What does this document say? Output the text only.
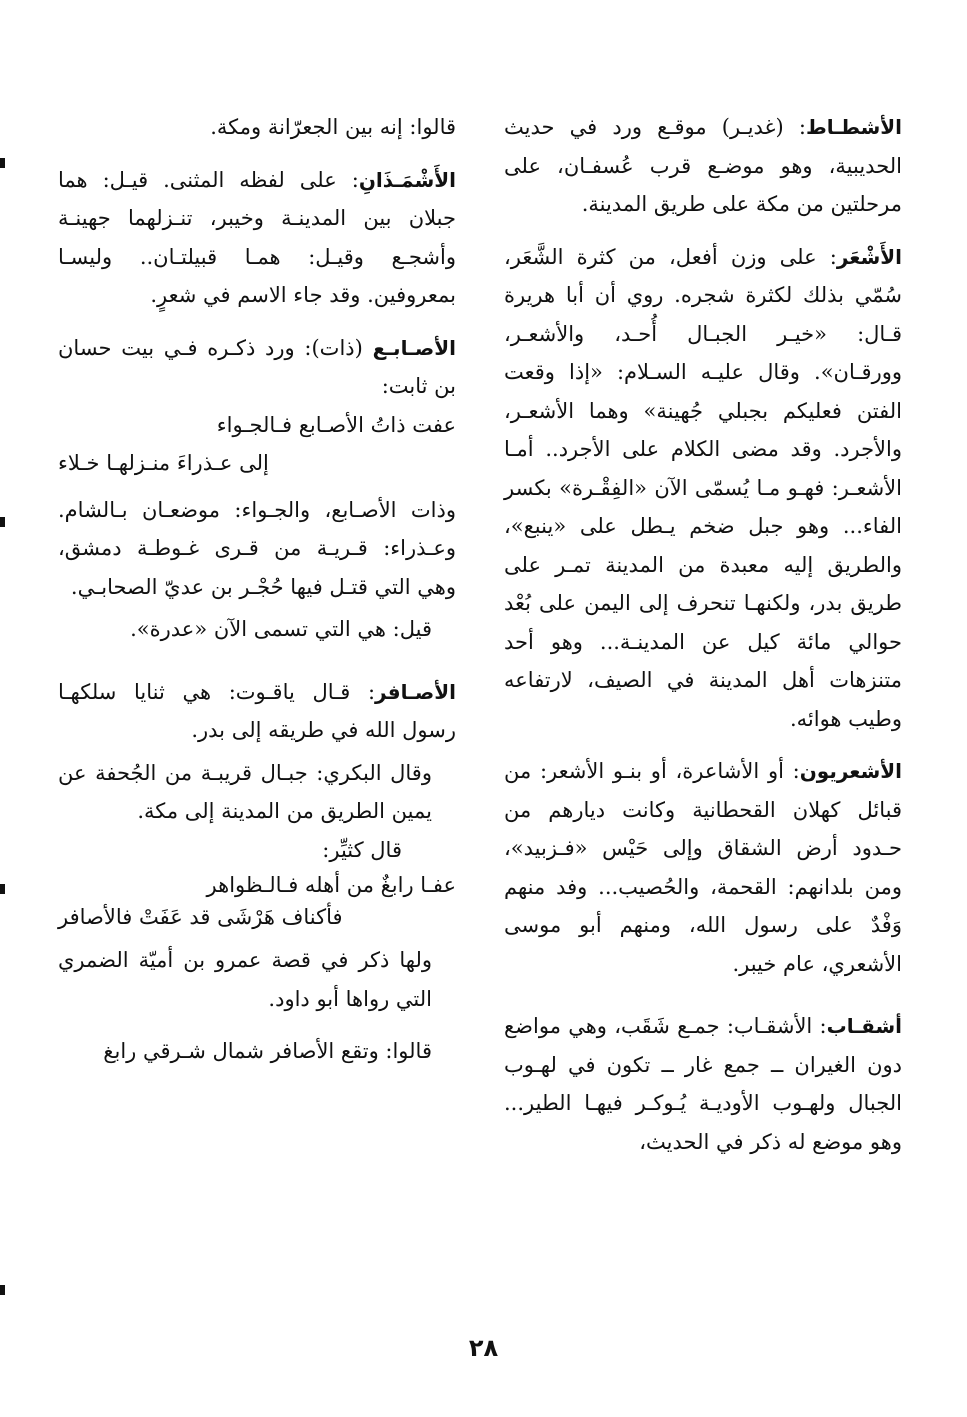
الأشطـاط: (غديـر) موقـع ورد في حديث الحديبية، وهو موضـع قرب عُسفـان، على مرحلتين من مكة على طريق المدينة.

الأَشْعَر: على وزن أفعل، من كثرة الشَّعَر، سُمّي بذلك لكثرة شجره. روي أن أبا هريرة قـال: «خيـر الجبـال أُحـد، والأشعـر، وورقـان». وقال عليـه السـلام: «إذا وقعت الفتن فعليكم بجبلي جُهينة» وهما الأشعـر، والأجرد. وقد مضى الكلام على الأجرد.. أمـا الأشعـر: فهـو مـا يُسمّى الآن «الفِقْـرة» بكسر الفاء... وهو جبل ضخم يـطل على «ينبع»، والطريق إليه معبدة من المدينة تمـر على طريق بدر، ولكنهـا تنحرف إلى اليمن على بُعْد حوالي مائة كيل عن المدينـة... وهو أحد متنزهات أهل المدينة في الصيف، لارتفاعه وطيب هوائه.

الأشعريون: أو الأشاعرة، أو بنـو الأشعر: من قبائل كهلان القحطانية وكانت ديارهم من حـدود أرض الشقاق وإلى حَيْس «فـزبيد»، ومن بلدانهم: القحمة، والحُصيب... وفد منهم وَفْدٌ على رسول الله، ومنهم أبو موسى الأشعري، عام خيبر.

أشقـاب: الأشقـاب: جمـع شَقَب، وهي مواضع دون الغيران ــ جمع غار ــ تكون في لهـوب الجبال ولهـوب الأوديـة يُـوكـر فيهـا الطير... وهو موضع له ذكر في الحديث،

قالوا: إنه بين الجعرّانة ومكة.

الأَشْمَـذَانِ: على لفظه المثنى. قيـل: هما جبلان بين المدينـة وخيبر، تنـزلهما جهينـة وأشجـع وقيـل: همـا قبيلتـان.. وليسـا بمعروفين. وقد جاء الاسم في شعرٍ.

الأصـابـع (ذات): ورد ذكـره فـي بيت حسان بن ثابت:

عفت ذاتُ الأصـابع فـالجـواء

إلى عـذراءَ منـزلهـا خـلاء

وذات الأصـابع، والجـواء: موضعـان بـالشام. وعـذراء: قـريـة من قـرى غـوطـة دمشق، وهي التي قتـل فيها حُجْـر بن عديّ الصحابـي.

قيل: هي التي تسمى الآن «عدرة».

الأصـافر: قـال ياقـوت: هي ثنايا سلكهـا رسول الله في طريقه إلى بدر.

وقال البكري: جبـال قريبـة من الجُحفة عن يمين الطريق من المدينة إلى مكة.

قال كثيِّر:

عفـا رابغٌ من أهله فـالـظواهر

فأكناف هَرْشَى قد عَفَتْ فالأصافر

ولها ذكر في قصة عمرو بن أميّة الضمري التي رواها أبو داود.

قالوا: وتقع الأصافر شمال شـرقي رابغ

٢٨
